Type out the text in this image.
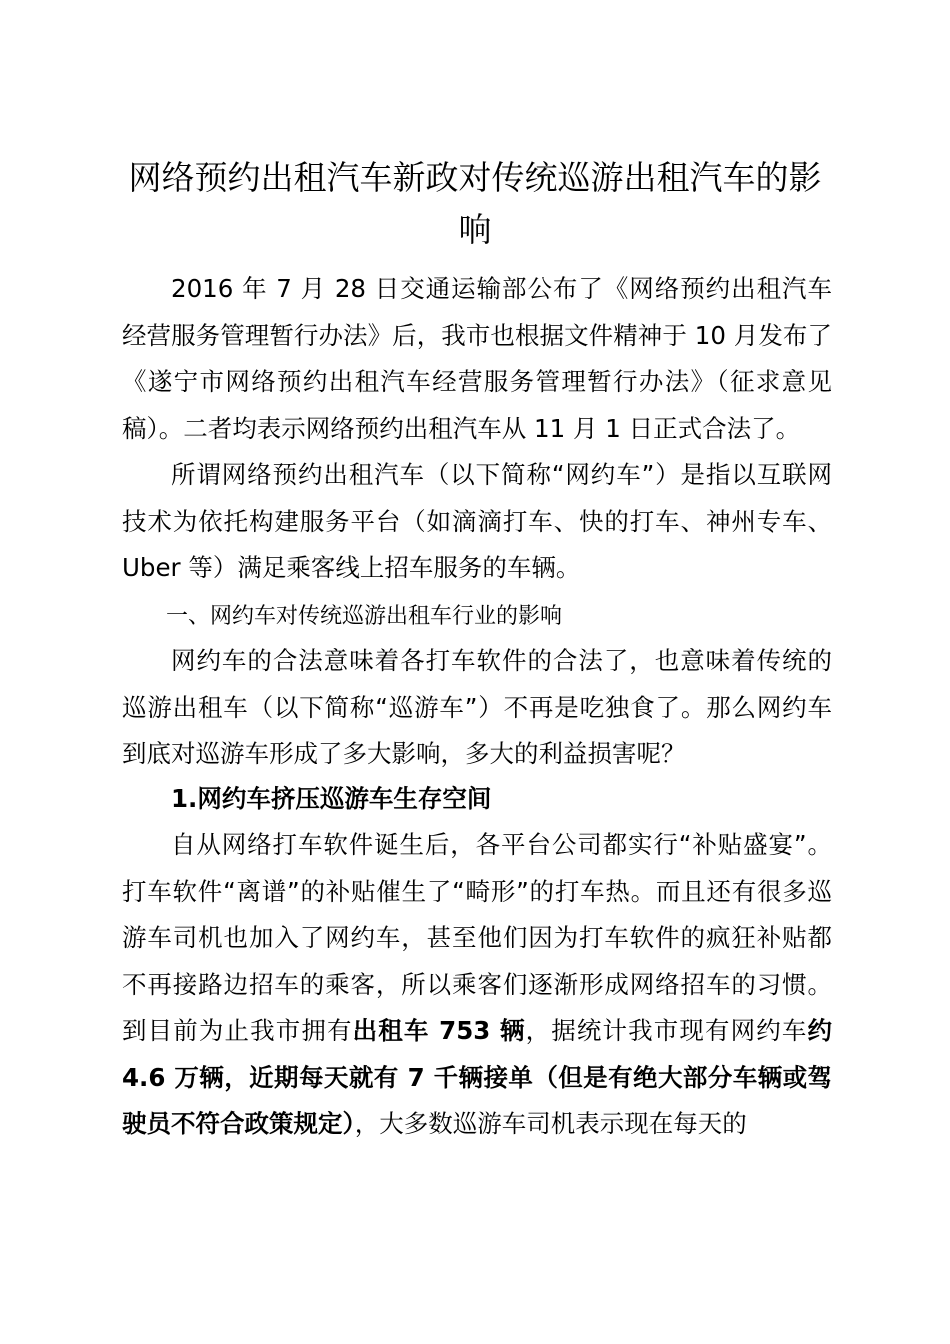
网络预约出租汽车新政对传统巡游出租汽车的影响

2016 年 7 月 28 日交通运输部公布了《网络预约出租汽车经营服务管理暂行办法》后，我市也根据文件精神于 10 月发布了《遂宁市网络预约出租汽车经营服务管理暂行办法》（征求意见稿）。二者均表示网络预约出租汽车从 11 月 1 日正式合法了。

所谓网络预约出租汽车（以下简称“网约车”）是指以互联网技术为依托构建服务平台（如滴滴打车、快的打车、神州专车、Uber 等）满足乘客线上招车服务的车辆。

一、网约车对传统巡游出租车行业的影响

网约车的合法意味着各打车软件的合法了，也意味着传统的巡游出租车（以下简称“巡游车”）不再是吃独食了。那么网约车到底对巡游车形成了多大影响，多大的利益损害呢？

1.网约车挤压巡游车生存空间

自从网络打车软件诞生后，各平台公司都实行“补贴盛宴”。打车软件“离谱”的补贴催生了“畸形”的打车热。而且还有很多巡游车司机也加入了网约车，甚至他们因为打车软件的疯狂补贴都不再接路边招车的乘客，所以乘客们逐渐形成网络招车的习惯。到目前为止我市拥有出租车 753 辆，据统计我市现有网约车约 4.6 万辆，近期每天就有 7 千辆接单（但是有绝大部分车辆或驾驶员不符合政策规定），大多数巡游车司机表示现在每天的
